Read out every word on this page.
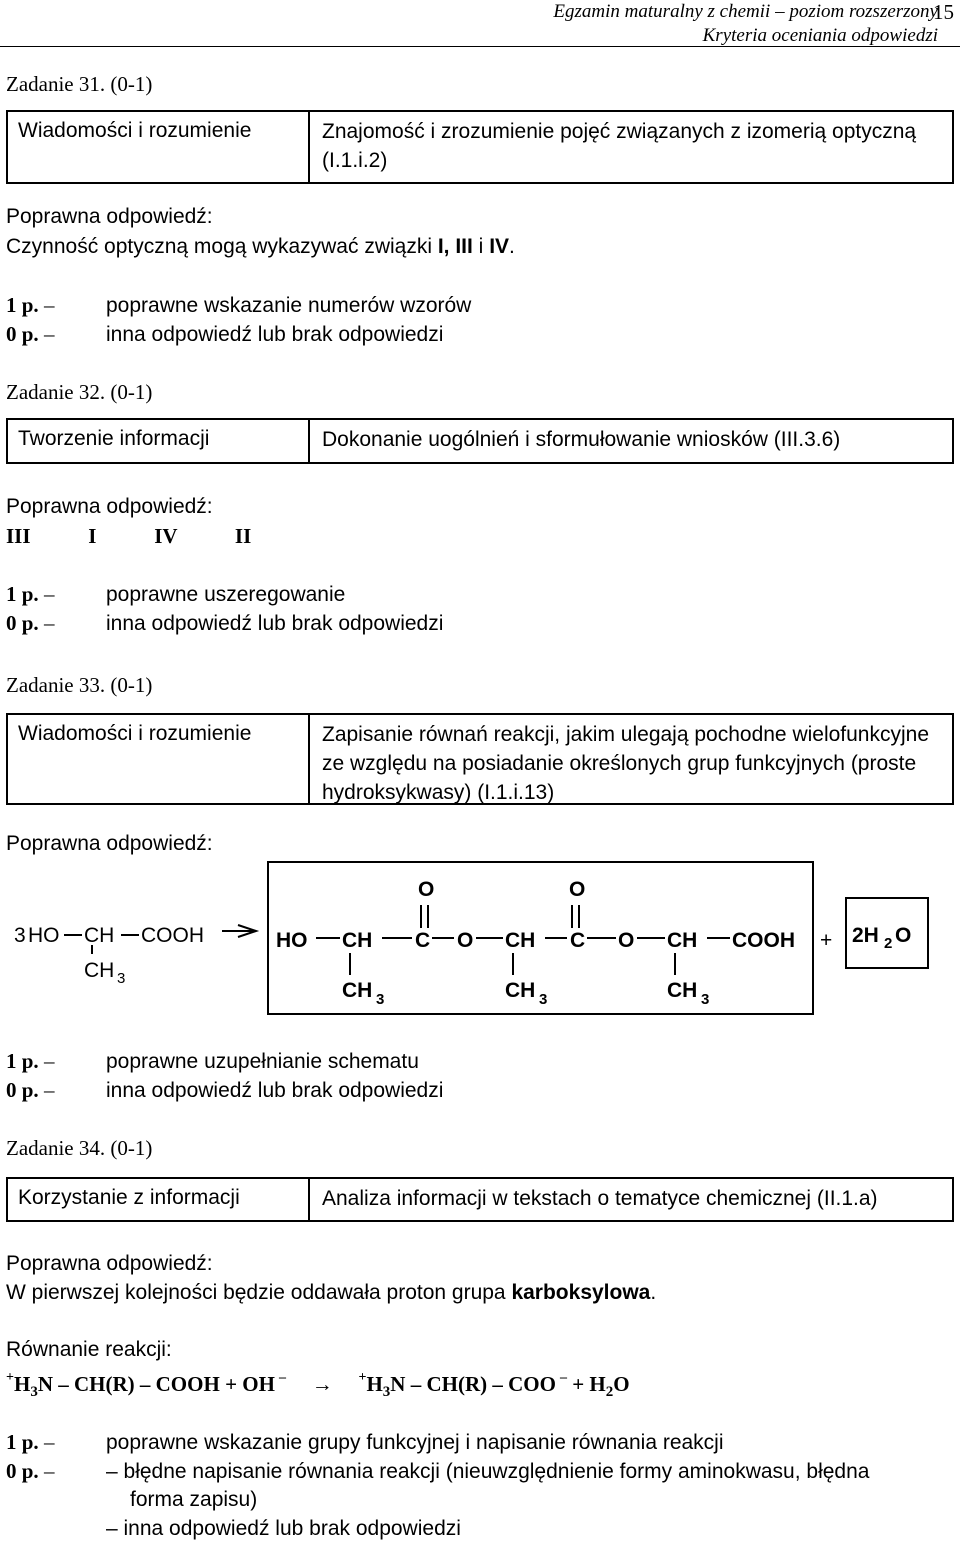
Egzamin maturalny z chemii – poziom rozszerzony
Kryteria oceniania odpowiedzi
15
Zadanie 31. (0-1)
Wiadomości i rozumienie	Znajomość i zrozumienie pojęć związanych z izomerią optyczną (I.1.i.2)
Poprawna odpowiedź:
Czynność optyczną mogą wykazywać związki I, III i IV.
1 p. – poprawne wskazanie numerów wzorów
0 p. – inna odpowiedź lub brak odpowiedzi
Zadanie 32. (0-1)
Tworzenie informacji	Dokonanie uogólnień i sformułowanie wniosków (III.3.6)
Poprawna odpowiedź:
III   I   IV   II
1 p. – poprawne uszeregowanie
0 p. – inna odpowiedź lub brak odpowiedzi
Zadanie 33. (0-1)
Wiadomości i rozumienie	Zapisanie równań reakcji, jakim ulegają pochodne wielofunkcyjne ze względu na posiadanie określonych grup funkcyjnych (proste hydroksykwasy) (I.1.i.13)
Poprawna odpowiedź:
3 HO CH COOH
CH 3
O	O
HO CH C O CH C O CH COOH +
CH 3	CH 3	CH 3
2H 2 O
1 p. – poprawne uzupełnianie schematu
0 p. – inna odpowiedź lub brak odpowiedzi
Zadanie 34. (0-1)
Korzystanie z informacji	Analiza informacji w tekstach o tematyce chemicznej (II.1.a)
Poprawna odpowiedź:
W pierwszej kolejności będzie oddawała proton grupa karboksylowa.
Równanie reakcji:
$^+H_3N - CH(R)$ – COOH + OH $^- \to ^+H_3N - CH(R)$ – COO $^- + H_2O$
1 p. – poprawne wskazanie grupy funkcyjnej i napisanie równania reakcji
0 p. – – błędne napisanie równania reakcji (nieuwzględnienie formy aminokwasu, błędna
forma zapisu)
– inna odpowiedź lub brak odpowiedzi
